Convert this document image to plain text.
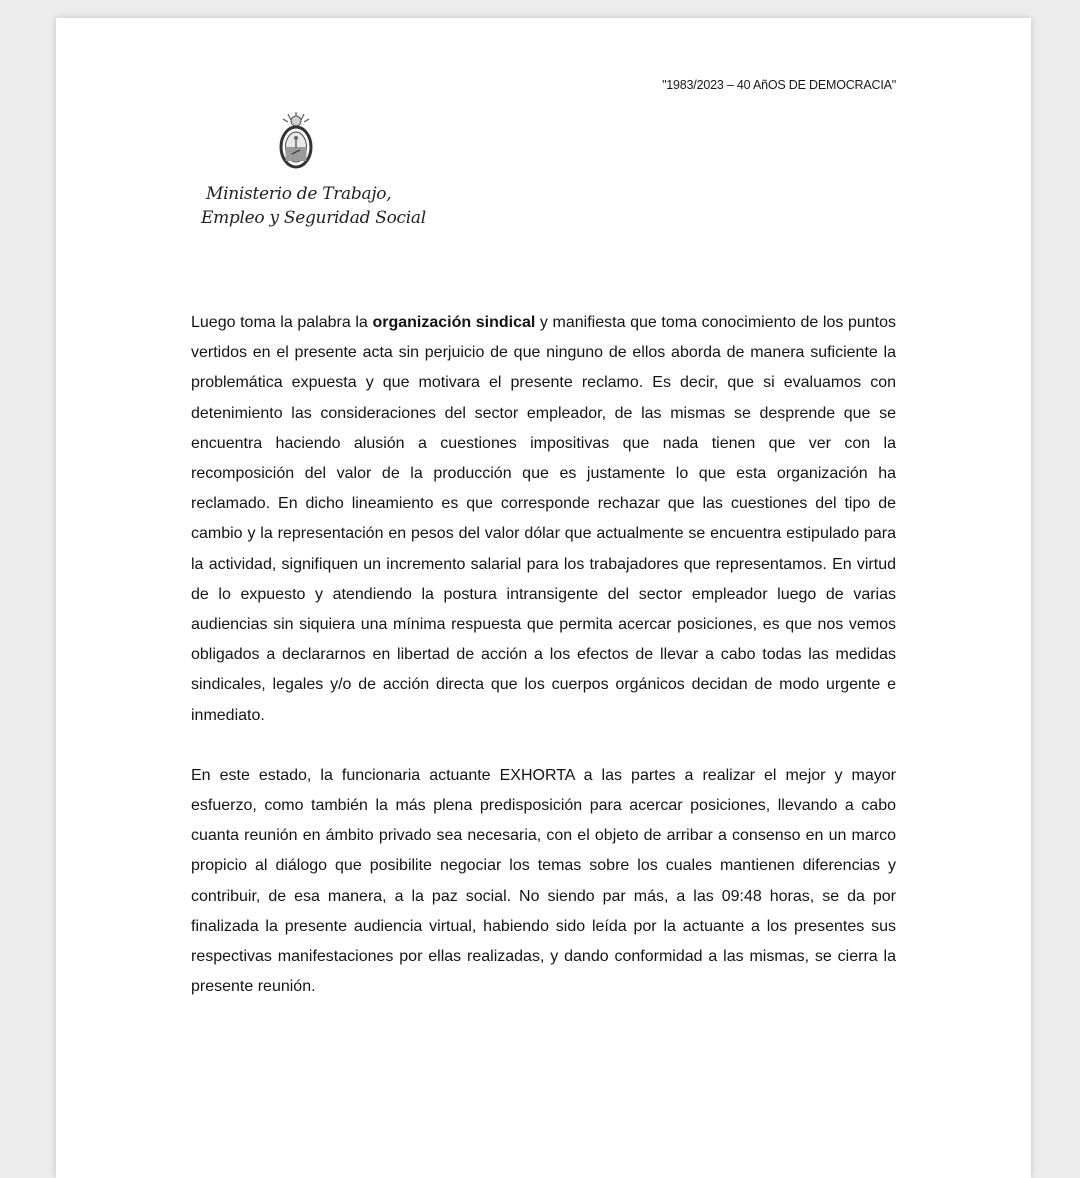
"1983/2023 – 40 AñOS DE DEMOCRACIA"
Ministerio de Trabajo,
Empleo y Seguridad Social

Luego toma la palabra la organización sindical y manifiesta que toma conocimiento de los puntos vertidos en el presente acta sin perjuicio de que ninguno de ellos aborda de manera suficiente la problemática expuesta y que motivara el presente reclamo. Es decir, que si evaluamos con detenimiento las consideraciones del sector empleador, de las mismas se desprende que se encuentra haciendo alusión a cuestiones impositivas que nada tienen que ver con la recomposición del valor de la producción que es justamente lo que esta organización ha reclamado. En dicho lineamiento es que corresponde rechazar que las cuestiones del tipo de cambio y la representación en pesos del valor dólar que actualmente se encuentra estipulado para la actividad, signifiquen un incremento salarial para los trabajadores que representamos. En virtud de lo expuesto y atendiendo la postura intransigente del sector empleador luego de varias audiencias sin siquiera una mínima respuesta que permita acercar posiciones, es que nos vemos obligados a declararnos en libertad de acción a los efectos de llevar a cabo todas las medidas sindicales, legales y/o de acción directa que los cuerpos orgánicos decidan de modo urgente e inmediato.

En este estado, la funcionaria actuante EXHORTA a las partes a realizar el mejor y mayor esfuerzo, como también la más plena predisposición para acercar posiciones, llevando a cabo cuanta reunión en ámbito privado sea necesaria, con el objeto de arribar a consenso en un marco propicio al diálogo que posibilite negociar los temas sobre los cuales mantienen diferencias y contribuir, de esa manera, a la paz social. No siendo par más, a las 09:48 horas, se da por finalizada la presente audiencia virtual, habiendo sido leída por la actuante a los presentes sus respectivas manifestaciones por ellas realizadas, y dando conformidad a las mismas, se cierra la presente reunión.
